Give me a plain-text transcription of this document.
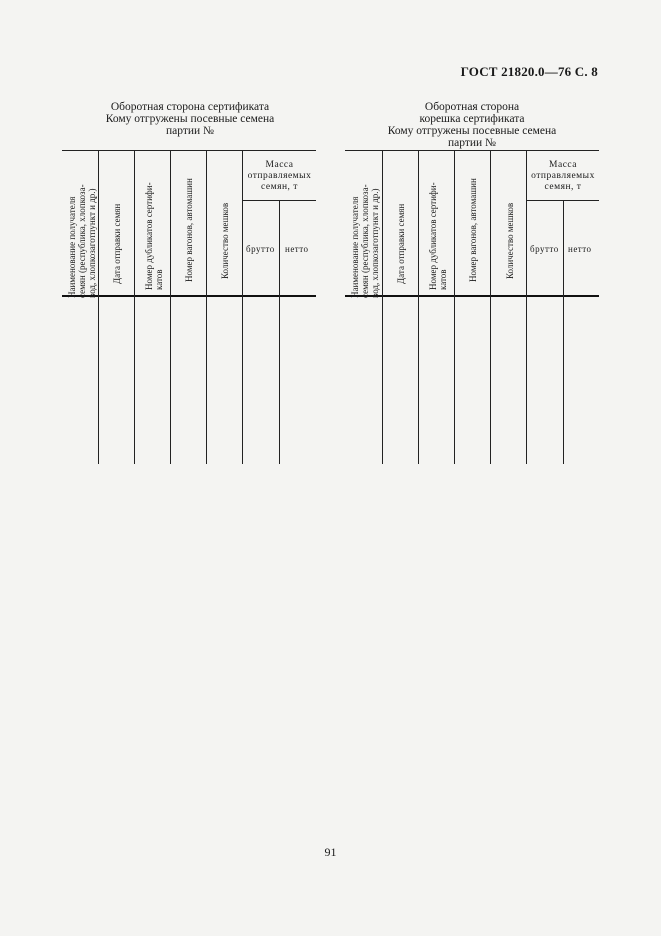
ГОСТ 21820.0—76 С. 8
Оборотная сторона сертификата
Кому отгружены посевные семена
партии №
Наименование получателя семян (республика, хлопкоза- вод, хлопкозаготпункт и др.) Дата отправки семян Номер дубликатов сертифи- катов Номер вагонов, автомашин	Количество мешков
Масса
отправляемых
семян, т
брутто нетто
Оборотная сторона
корешка сертификата
Кому отгружены посевные семена
партии №
Наименование получателя семян (республика, хлопкоза- вод, хлопкозаготпункт и др.) Дата отправки семян Номер дубликатов сертифи- катов Номер вагонов, автомашин	Количество мешков
Масса
отправляемых
семян, т
брутто нетто
91
